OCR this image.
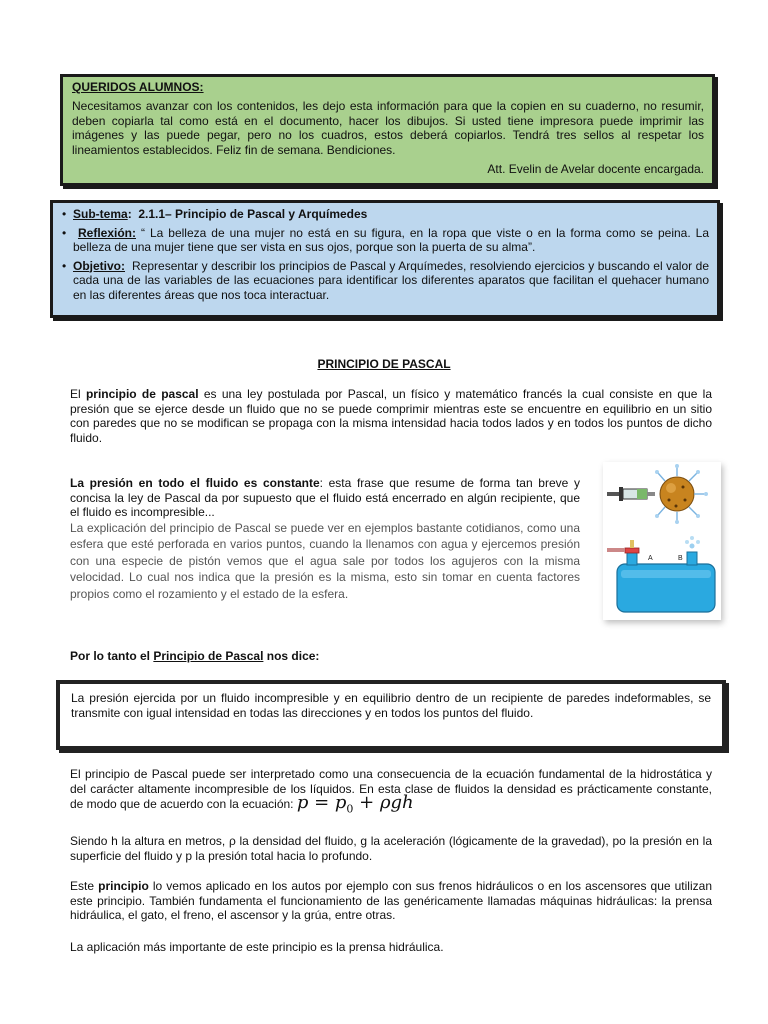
QUERIDOS ALUMNOS:

Necesitamos avanzar con los contenidos, les dejo esta información para que la copien en su cuaderno, no resumir, deben copiarla tal como está en el documento, hacer los dibujos. Si usted tiene impresora puede imprimir las imágenes y las puede pegar, pero no los cuadros, estos deberá copiarlos. Tendrá tres sellos al respetar los lineamientos establecidos. Feliz fin de semana. Bendiciones.

Att. Evelin de Avelar docente encargada.

• Sub-tema:  2.1.1– Principio de Pascal y Arquímedes
• Reflexión: “ La belleza de una mujer no está en su figura, en la ropa que viste o en la forma como se peina. La belleza de una mujer tiene que ser vista en sus ojos, porque son la puerta de su alma”.
• Objetivo: Representar y describir los principios de Pascal y Arquímedes, resolviendo ejercicios y buscando el valor de cada una de las variables de las ecuaciones para identificar los diferentes aparatos que facilitan el quehacer humano en las diferentes áreas que nos toca interactuar.
PRINCIPIO DE PASCAL

El principio de pascal es una ley postulada por Pascal, un físico y matemático francés la cual consiste en que la presión que se ejerce desde un fluido que no se puede comprimir mientras este se encuentre en equilibrio en un sitio con paredes que no se modifican se propaga con la misma intensidad hacia todos lados y en todos los puntos de dicho fluido.

La presión en todo el fluido es constante: esta frase que resume de forma tan breve y concisa la ley de Pascal da por supuesto que el fluido está encerrado en algún recipiente, que el fluido es incompresible...

La explicación del principio de Pascal se puede ver en ejemplos bastante cotidianos, como una esfera que esté perforada en varios puntos, cuando la llenamos con agua y ejercemos presión con una especie de pistón vemos que el agua sale por todos los agujeros con la misma velocidad. Lo cual nos indica que la presión es la misma, esto sin tomar en cuenta factores propios como el rozamiento y el estado de la esfera.

A	B

Por lo tanto el Principio de Pascal nos dice:

La presión ejercida por un fluido incompresible y en equilibrio dentro de un recipiente de paredes indeformables, se transmite con igual intensidad en todas las direcciones y en todos los puntos del fluido.

El principio de Pascal puede ser interpretado como una consecuencia de la ecuación fundamental de la hidrostática y del carácter altamente incompresible de los líquidos. En esta clase de fluidos la densidad es prácticamente constante, de modo que de acuerdo con la ecuación: $p = p_0 + \rho gh$

Siendo h la altura en metros, ρ la densidad del fluido, g la aceleración (lógicamente de la gravedad), po la presión en la superficie del fluido y p la presión total hacia lo profundo.

Este principio lo vemos aplicado en los autos por ejemplo con sus frenos hidráulicos o en los ascensores que utilizan este principio. También fundamenta el funcionamiento de las genéricamente llamadas máquinas hidráulicas: la prensa hidráulica, el gato, el freno, el ascensor y la grúa, entre otras.

La aplicación más importante de este principio es la prensa hidráulica.
